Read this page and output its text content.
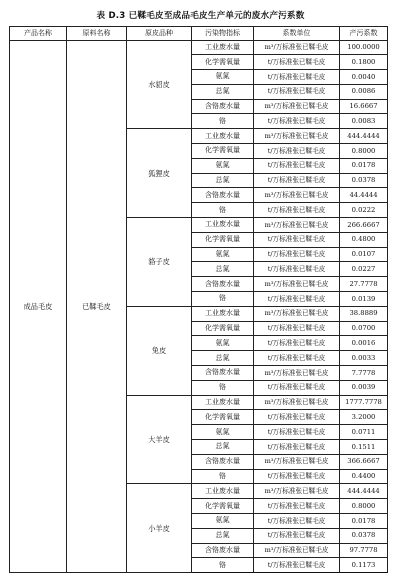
表 D.3 已鞣毛皮至成品毛皮生产单元的废水产污系数
产品名称	原料名称	原皮品种	污染物指标	系数单位	产污系数
成品毛皮	已鞣毛皮	水貂皮	工业废水量	m³/万标准张已鞣毛皮	100.0000
			化学需氧量	t/万标准张已鞣毛皮	0.1800
			氨氮	t/万标准张已鞣毛皮	0.0040
			总氮	t/万标准张已鞣毛皮	0.0086
			含铬废水量	m³/万标准张已鞣毛皮	16.6667
			铬	t/万标准张已鞣毛皮	0.0083
		狐狸皮	工业废水量	m³/万标准张已鞣毛皮	444.4444
			化学需氧量	t/万标准张已鞣毛皮	0.8000
			氨氮	t/万标准张已鞣毛皮	0.0178
			总氮	t/万标准张已鞣毛皮	0.0378
			含铬废水量	m³/万标准张已鞣毛皮	44.4444
			铬	t/万标准张已鞣毛皮	0.0222
		貉子皮	工业废水量	m³/万标准张已鞣毛皮	266.6667
			化学需氧量	t/万标准张已鞣毛皮	0.4800
			氨氮	t/万标准张已鞣毛皮	0.0107
			总氮	t/万标准张已鞣毛皮	0.0227
			含铬废水量	m³/万标准张已鞣毛皮	27.7778
			铬	t/万标准张已鞣毛皮	0.0139
		兔皮	工业废水量	m³/万标准张已鞣毛皮	38.8889
			化学需氧量	t/万标准张已鞣毛皮	0.0700
			氨氮	t/万标准张已鞣毛皮	0.0016
			总氮	t/万标准张已鞣毛皮	0.0033
			含铬废水量	m³/万标准张已鞣毛皮	7.7778
			铬	t/万标准张已鞣毛皮	0.0039
		大羊皮	工业废水量	m³/万标准张已鞣毛皮	1777.7778
			化学需氧量	t/万标准张已鞣毛皮	3.2000
			氨氮	t/万标准张已鞣毛皮	0.0711
			总氮	t/万标准张已鞣毛皮	0.1511
			含铬废水量	m³/万标准张已鞣毛皮	366.6667
			铬	t/万标准张已鞣毛皮	0.4400
		小羊皮	工业废水量	m³/万标准张已鞣毛皮	444.4444
			化学需氧量	t/万标准张已鞣毛皮	0.8000
			氨氮	t/万标准张已鞣毛皮	0.0178
			总氮	t/万标准张已鞣毛皮	0.0378
			含铬废水量	m³/万标准张已鞣毛皮	97.7778
			铬	t/万标准张已鞣毛皮	0.1173
